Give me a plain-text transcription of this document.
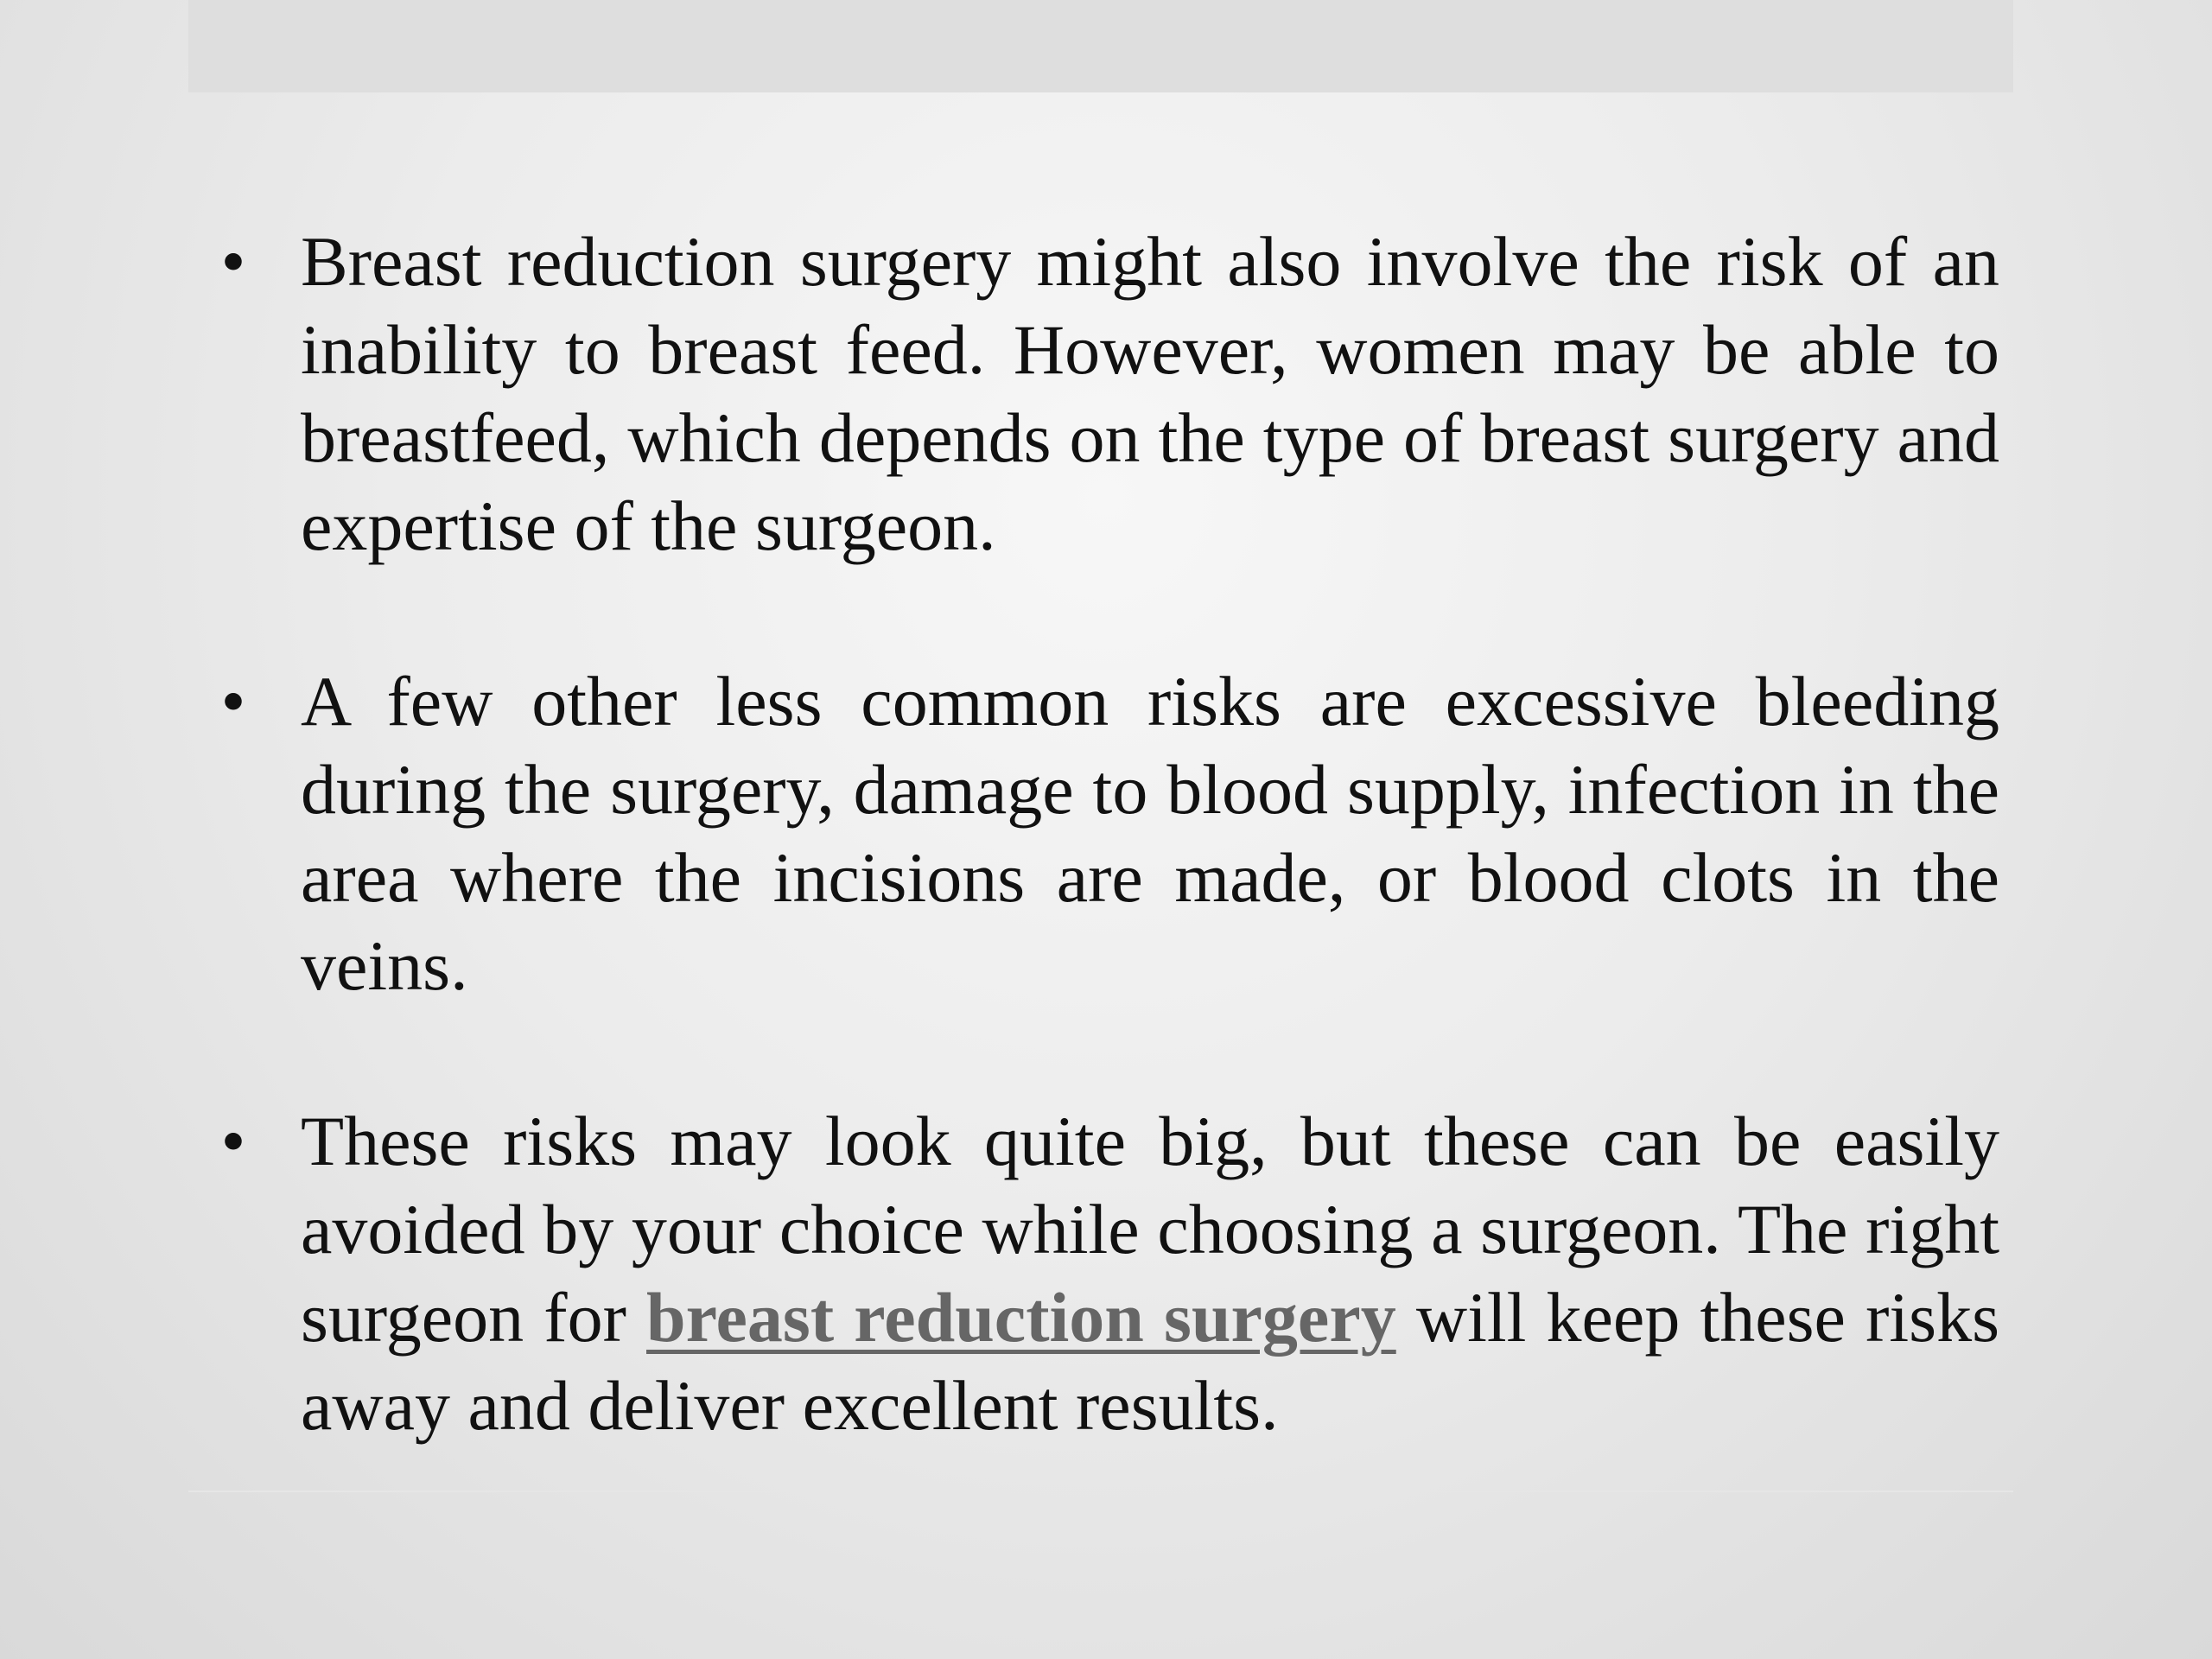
• Breast reduction surgery might also involve the risk of an inability to breast feed. However, women may be able to breastfeed, which depends on the type of breast surgery and expertise of the surgeon.
• A few other less common risks are excessive bleeding during the surgery, damage to blood supply, infection in the area where the incisions are made, or blood clots in the veins.
• These risks may look quite big, but these can be easily avoided by your choice while choosing a surgeon. The right surgeon for breast reduction surgery will keep these risks away and deliver excellent results.
